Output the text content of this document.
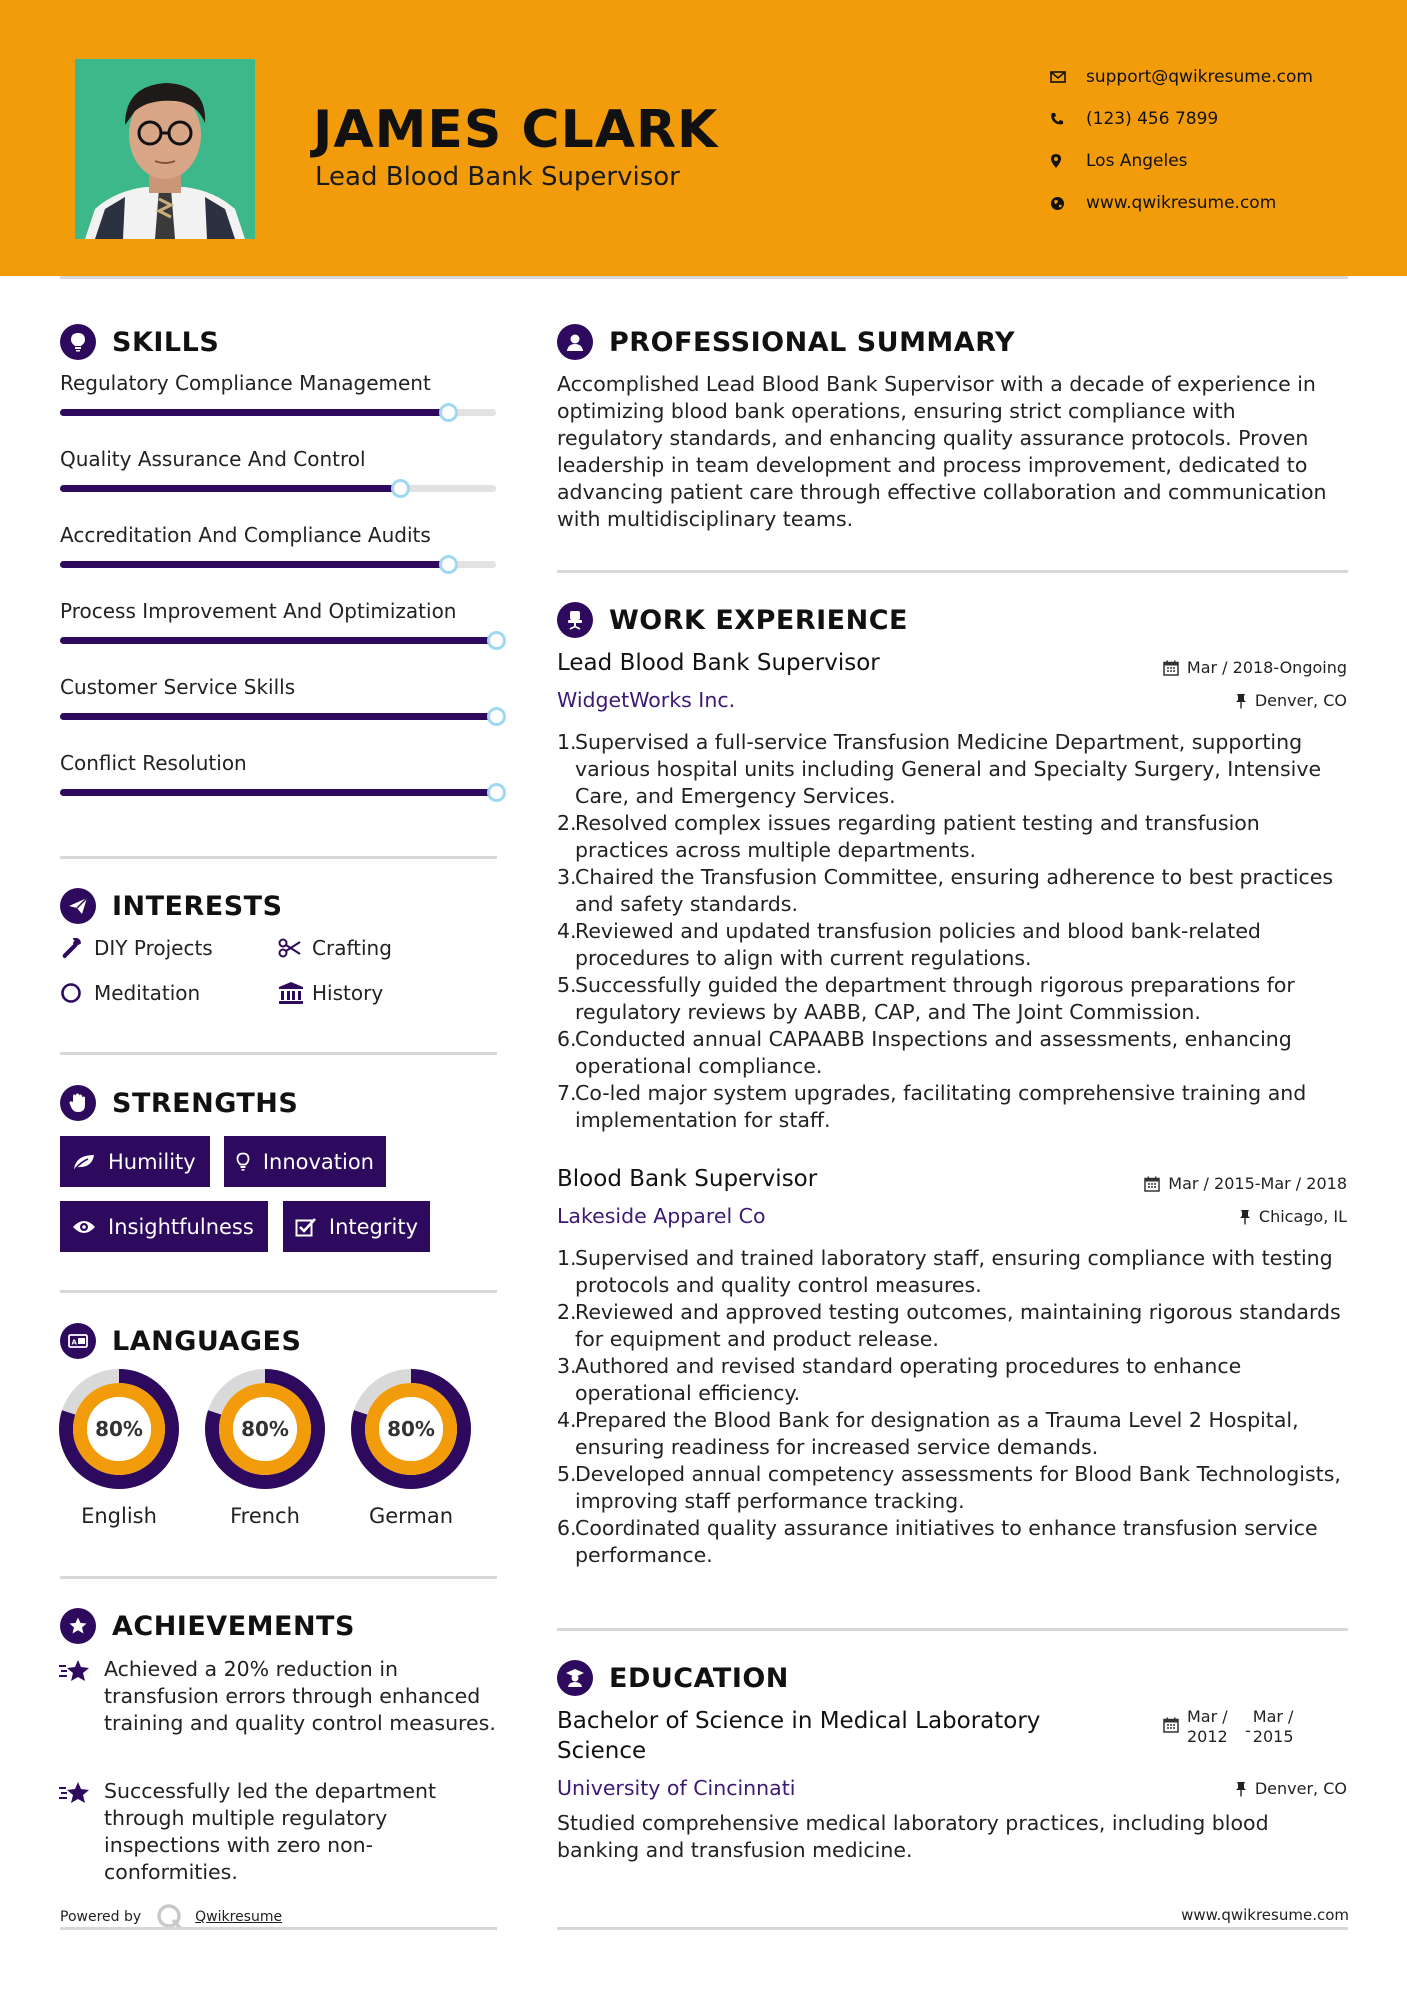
JAMES CLARK
Lead Blood Bank Supervisor
support@qwikresume.com
(123) 456 7899
Los Angeles
www.qwikresume.com
SKILLS
Regulatory Compliance Management
Quality Assurance And Control
Accreditation And Compliance Audits
Process Improvement And Optimization
Customer Service Skills
Conflict Resolution
INTERESTS
DIY Projects	Crafting
Meditation	History
STRENGTHS
Humility	Innovation
Insightfulness	Integrity
A LANGUAGES
80%
English
80%
French
80%
German
ACHIEVEMENTS
Achieved a 20% reduction in transfusion errors through enhanced training and quality control measures.
Successfully led the department through multiple regulatory inspections with zero non-conformities.
Powered by	Qwikresume
PROFESSIONAL SUMMARY
Accomplished Lead Blood Bank Supervisor with a decade of experience in optimizing blood bank operations, ensuring strict compliance with regulatory standards, and enhancing quality assurance protocols. Proven leadership in team development and process improvement, dedicated to advancing patient care through effective collaboration and communication with multidisciplinary teams.
WORK EXPERIENCE
Lead Blood Bank Supervisor	Mar / 2018-Ongoing
WidgetWorks Inc.	Denver, CO
1.
Supervised a full-service Transfusion Medicine Department, supporting various hospital units including General and Specialty Surgery, Intensive Care, and Emergency Services.
2.
Resolved complex issues regarding patient testing and transfusion practices across multiple departments.
3.
Chaired the Transfusion Committee, ensuring adherence to best practices and safety standards.
4.
Reviewed and updated transfusion policies and blood bank-related procedures to align with current regulations.
5.
Successfully guided the department through rigorous preparations for regulatory reviews by AABB, CAP, and The Joint Commission.
6.
Conducted annual CAPAABB Inspections and assessments, enhancing operational compliance.
7.
Co-led major system upgrades, facilitating comprehensive training and implementation for staff.
Blood Bank Supervisor	Mar / 2015-Mar / 2018
Lakeside Apparel Co	Chicago, IL
1.
Supervised and trained laboratory staff, ensuring compliance with testing protocols and quality control measures.
2.
Reviewed and approved testing outcomes, maintaining rigorous standards for equipment and product release.
3.
Authored and revised standard operating procedures to enhance operational efficiency.
4.
Prepared the Blood Bank for designation as a Trauma Level 2 Hospital, ensuring readiness for increased service demands.
5.
Developed annual competency assessments for Blood Bank Technologists, improving staff performance tracking.
6.
Coordinated quality assurance initiatives to enhance transfusion service performance.
EDUCATION
Bachelor of Science in Medical Laboratory Science
Mar /
2012	-
Mar /
2015
University of Cincinnati	Denver, CO
Studied comprehensive medical laboratory practices, including blood banking and transfusion medicine.
www.qwikresume.com
